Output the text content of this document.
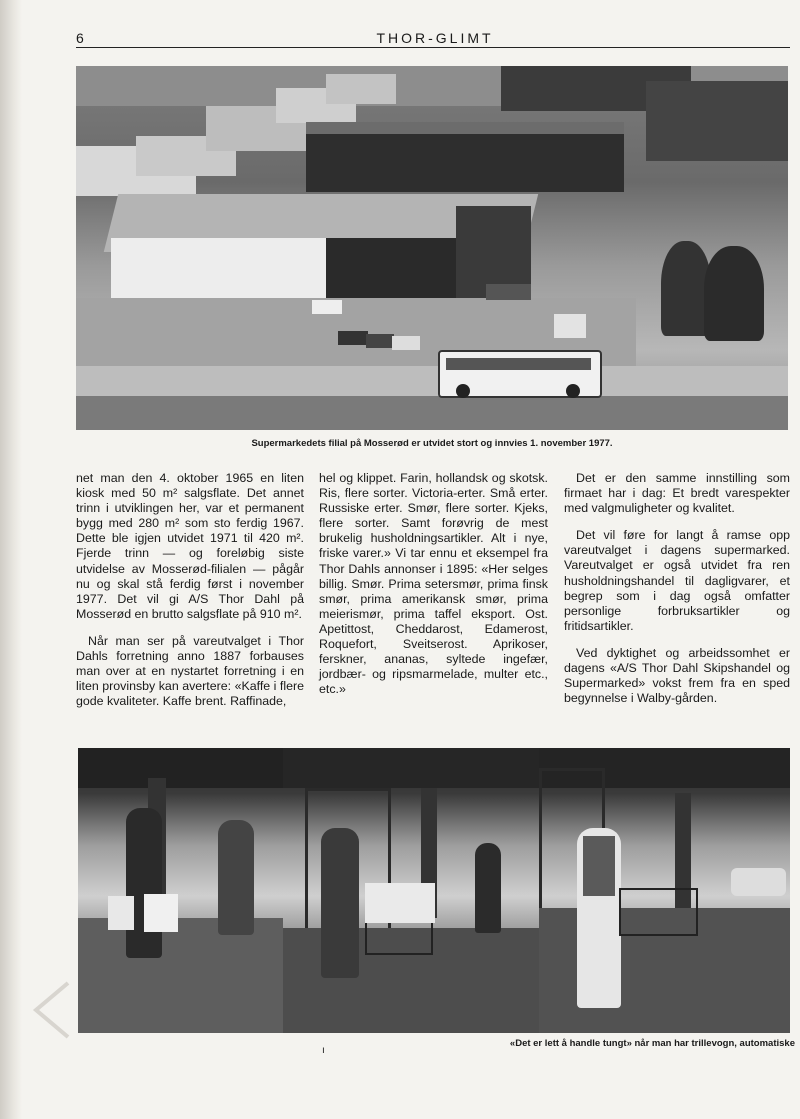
6	THOR-GLIMT
Supermarkedets filial på Mosserød er utvidet stort og innvies 1. november 1977.

net man den 4. oktober 1965 en liten kiosk med 50 m² salgsflate. Det annet trinn i utviklingen her, var et permanent bygg med 280 m² som sto ferdig 1967. Dette ble igjen utvidet 1971 til 420 m². Fjerde trinn — og foreløbig siste utvidelse av Mosserød-filialen — pågår nu og skal stå ferdig først i november 1977. Det vil gi A/S Thor Dahl på Mosserød en brutto salgsflate på 910 m².

Når man ser på vareutvalget i Thor Dahls forretning anno 1887 forbauses man over at en nystartet forretning i en liten provinsby kan avertere: «Kaffe i flere gode kvaliteter. Kaffe brent. Raffinade,

hel og klippet. Farin, hollandsk og skotsk. Ris, flere sorter. Victoria-erter. Små erter. Russiske erter. Smør, flere sorter. Kjeks, flere sorter. Samt forøvrig de mest brukelig husholdningsartikler. Alt i nye, friske varer.» Vi tar ennu et eksempel fra Thor Dahls annonser i 1895: «Her selges billig. Smør. Prima setersmør, prima finsk smør, prima amerikansk smør, prima meierismør, prima taffel eksport. Ost. Apetittost, Cheddarost, Edamerost, Roquefort, Sveitserost. Aprikoser, ferskner, ananas, syltede ingefær, jordbær- og ripsmarmelade, multer etc., etc.»

Det er den samme innstilling som firmaet har i dag: Et bredt varespekter med valgmuligheter og kvalitet.

Det vil føre for langt å ramse opp vareutvalget i dagens supermarked. Vareutvalget er også utvidet fra ren husholdningshandel til dagligvarer, et begrep som i dag også omfatter personlige forbruksartikler og fritidsartikler.

Ved dyktighet og arbeidssomhet er dagens «A/S Thor Dahl Skipshandel og Supermarked» vokst frem fra en sped begynnelse i Walby-gården.

«Det er lett å handle tungt» når man har trillevogn, automatiske
ı
